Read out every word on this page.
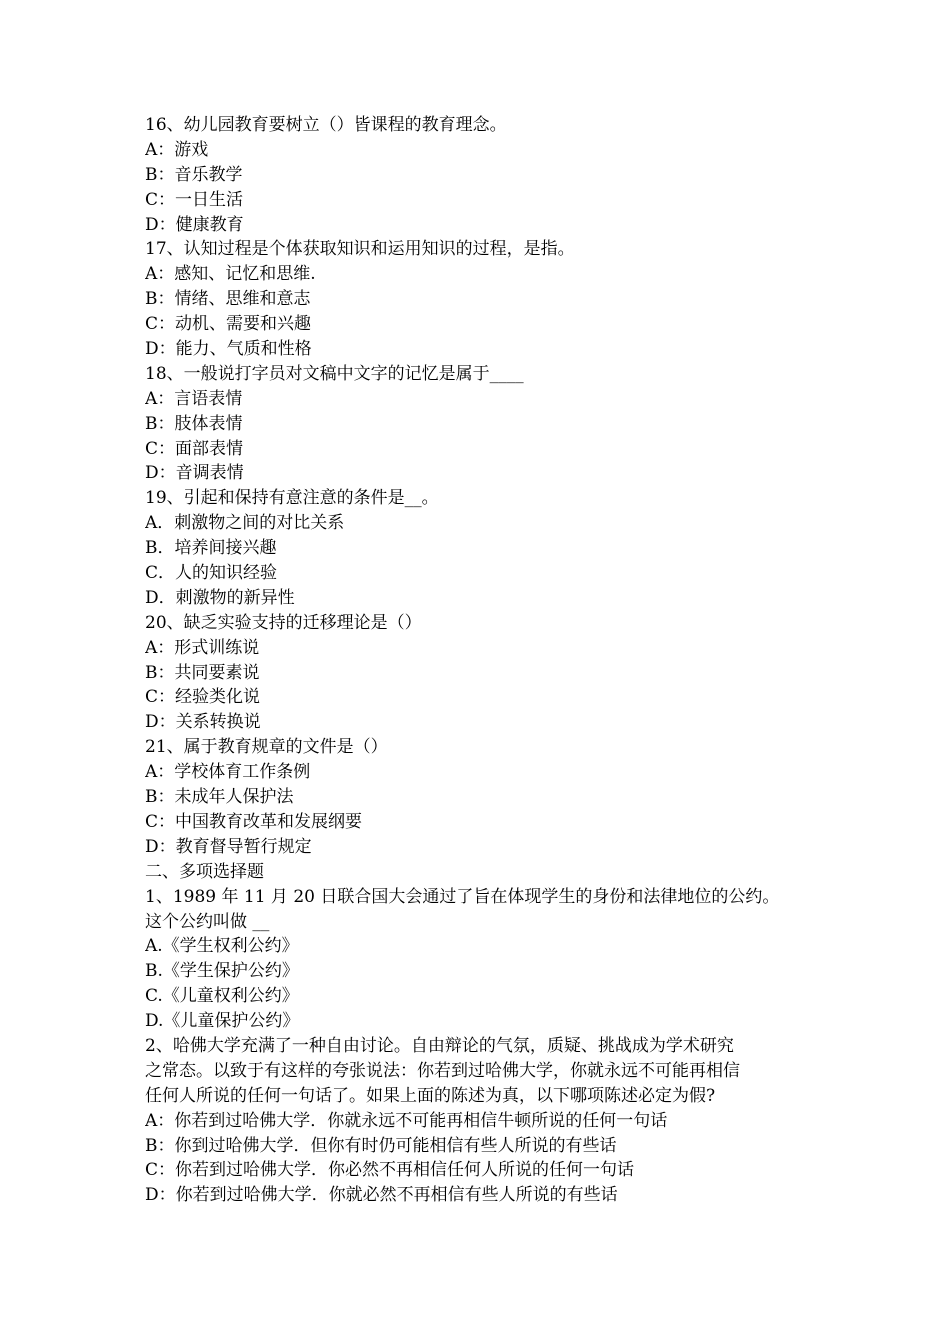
16、幼儿园教育要树立（）皆课程的教育理念。
A：游戏
B：音乐教学
C：一日生活
D：健康教育
17、认知过程是个体获取知识和运用知识的过程，是指。
A：感知、记忆和思维.
B：情绪、思维和意志
C：动机、需要和兴趣
D：能力、气质和性格
18、一般说打字员对文稿中文字的记忆是属于____
A：言语表情
B：肢体表情
C：面部表情
D：音调表情
19、引起和保持有意注意的条件是__。
A．刺激物之间的对比关系
B．培养间接兴趣
C．人的知识经验
D．刺激物的新异性
20、缺乏实验支持的迁移理论是（）
A：形式训练说
B：共同要素说
C：经验类化说
D：关系转换说
21、属于教育规章的文件是（）
A：学校体育工作条例
B：未成年人保护法
C：中国教育改革和发展纲要
D：教育督导暂行规定
二、多项选择题
1、1989 年 11 月 20 日联合国大会通过了旨在体现学生的身份和法律地位的公约。
这个公约叫做 __
A.《学生权利公约》
B.《学生保护公约》
C.《儿童权利公约》
D.《儿童保护公约》
2、哈佛大学充满了一种自由讨论。自由辩论的气氛，质疑、挑战成为学术研究
之常态。以致于有这样的夸张说法：你若到过哈佛大学，你就永远不可能再相信
任何人所说的任何一句话了。如果上面的陈述为真，以下哪项陈述必定为假?
A：你若到过哈佛大学．你就永远不可能再相信牛顿所说的任何一句话
B：你到过哈佛大学．但你有时仍可能相信有些人所说的有些话
C：你若到过哈佛大学．你必然不再相信任何人所说的任何一句话
D：你若到过哈佛大学．你就必然不再相信有些人所说的有些话
